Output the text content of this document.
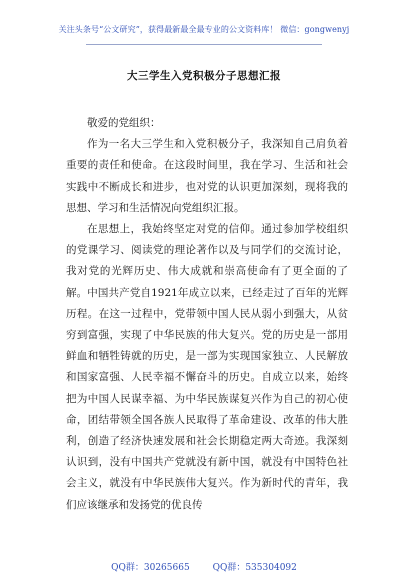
关注头条号“公文研究”，获得最新最全最专业的公文资料库！ 微信：gongwenyj
大三学生入党积极分子思想汇报

敬爱的党组织：

作为一名大三学生和入党积极分子，我深知自己肩负着重要的责任和使命。在这段时间里，我在学习、生活和社会实践中不断成长和进步，也对党的认识更加深刻，现将我的思想、学习和生活情况向党组织汇报。

在思想上，我始终坚定对党的信仰。通过参加学校组织的党课学习、阅读党的理论著作以及与同学们的交流讨论，我对党的光辉历史、伟大成就和崇高使命有了更全面的了解。中国共产党自1921年成立以来，已经走过了百年的光辉历程。在这一过程中，党带领中国人民从弱小到强大，从贫穷到富强，实现了中华民族的伟大复兴。党的历史是一部用鲜血和牺牲铸就的历史，是一部为实现国家独立、人民解放和国家富强、人民幸福不懈奋斗的历史。自成立以来，始终把为中国人民谋幸福、为中华民族谋复兴作为自己的初心使命，团结带领全国各族人民取得了革命建设、改革的伟大胜利，创造了经济快速发展和社会长期稳定两大奇迹。我深刻认识到，没有中国共产党就没有新中国，就没有中国特色社会主义，就没有中华民族伟大复兴。作为新时代的青年，我们应该继承和发扬党的优良传

QQ群：30265665	QQ群：535304092
